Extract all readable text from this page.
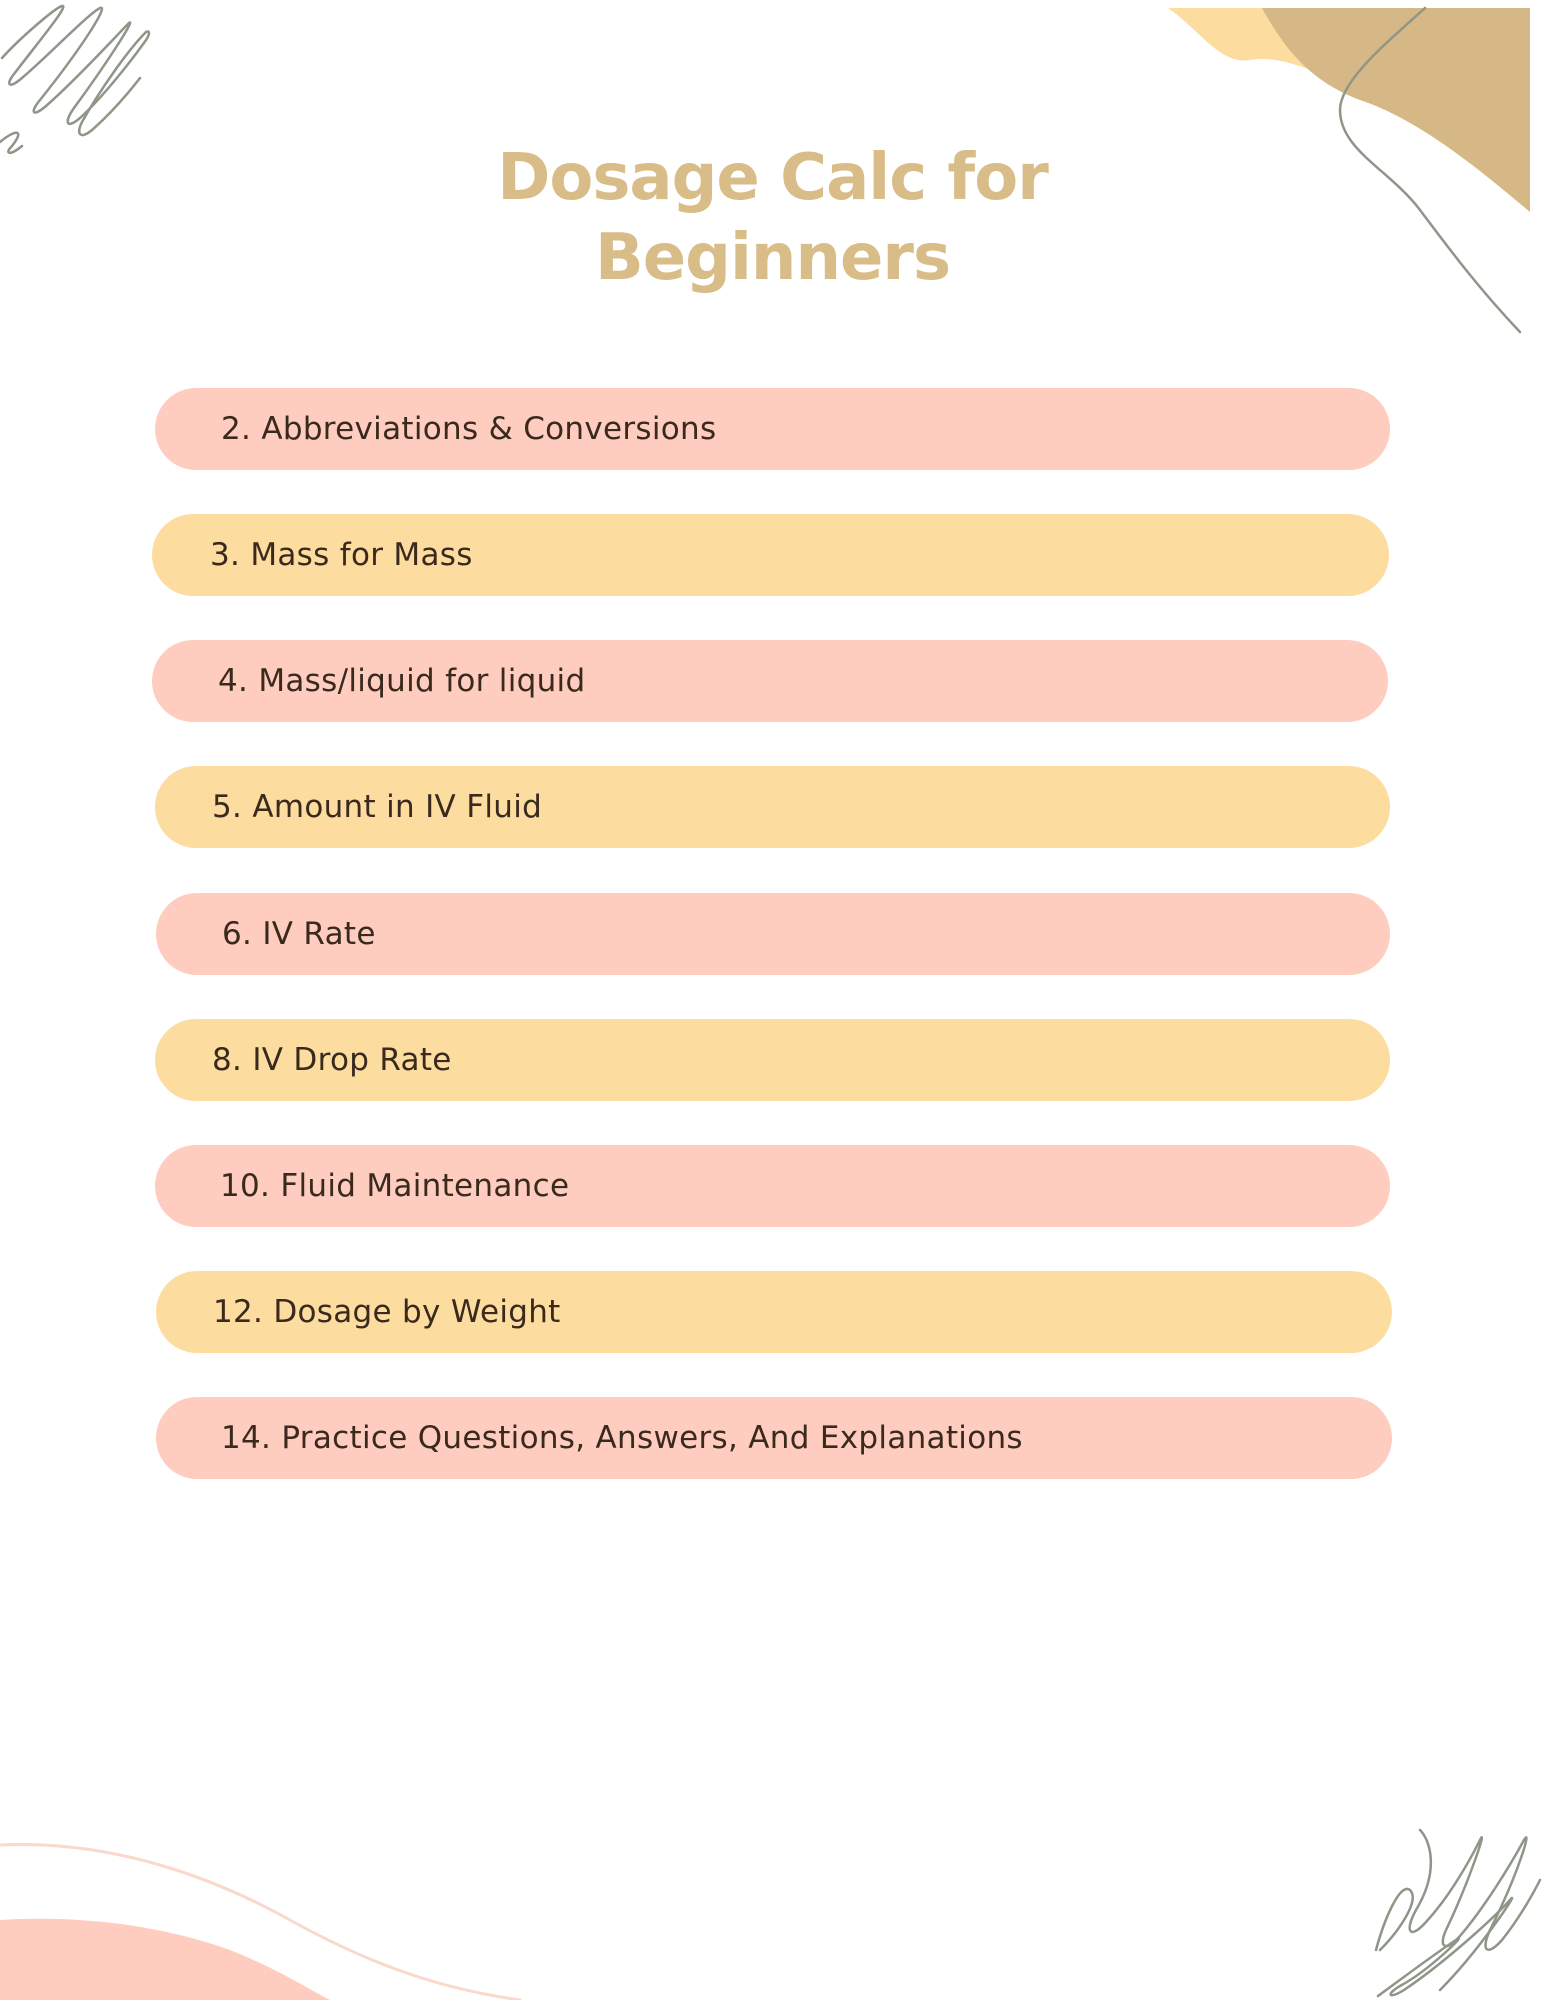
Dosage Calc for
Beginners
2. Abbreviations & Conversions
3. Mass for Mass
4. Mass/liquid for liquid
5. Amount in IV Fluid
6. IV Rate
8. IV Drop Rate
10. Fluid Maintenance
12. Dosage by Weight
14. Practice Questions, Answers, And Explanations
